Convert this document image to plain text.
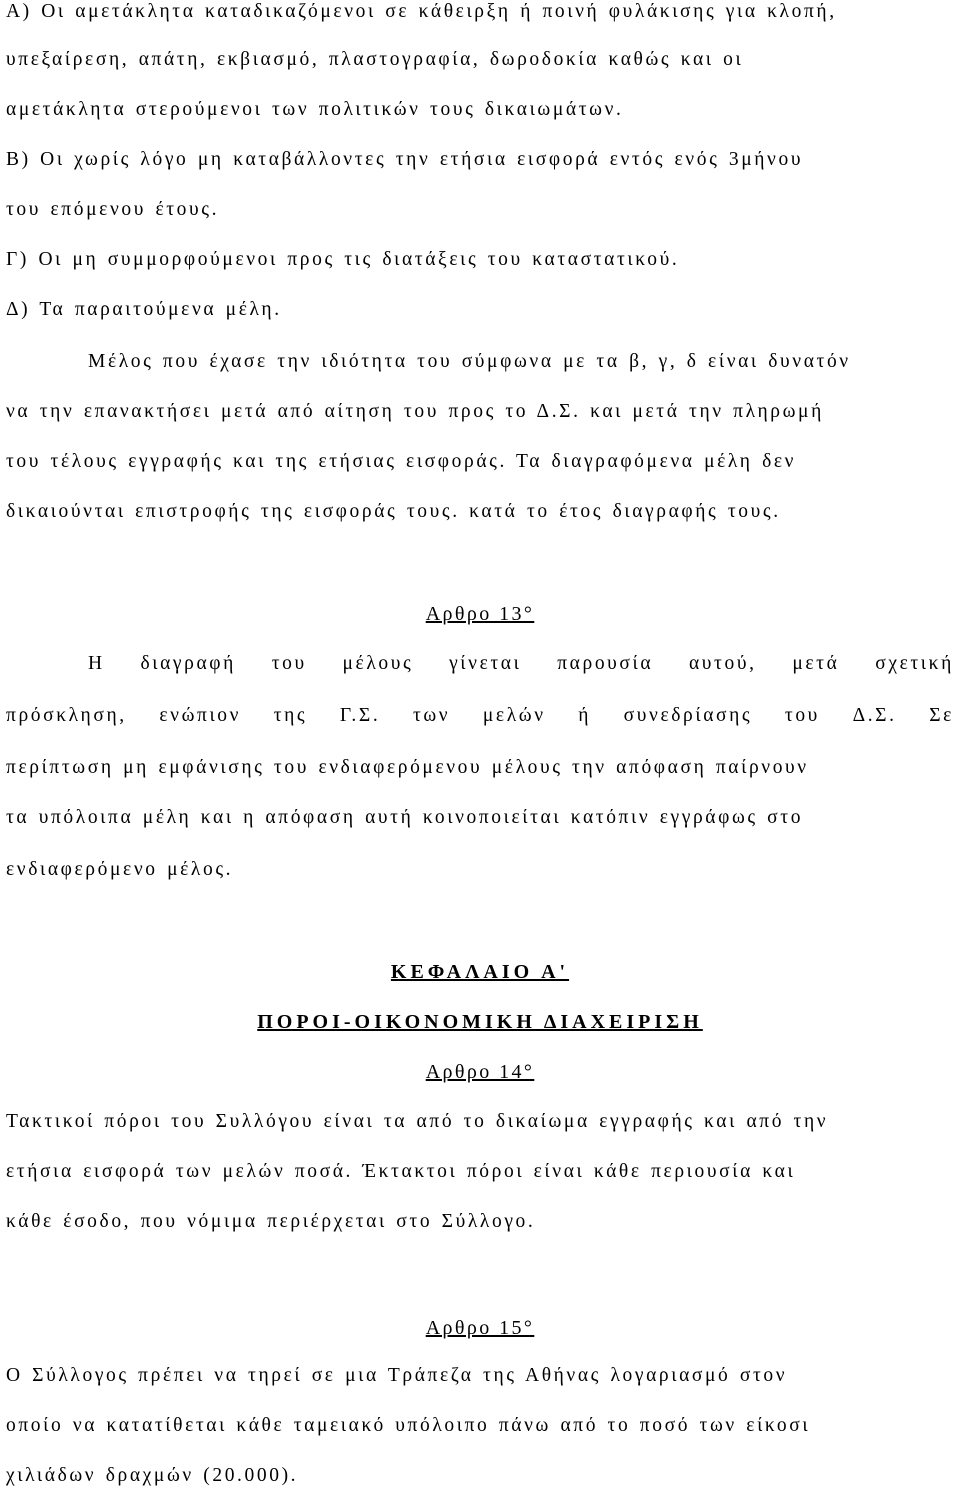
Α) Οι αμετάκλητα καταδικαζόμενοι σε κάθειρξη ή ποινή φυλάκισης για κλοπή,
υπεξαίρεση, απάτη, εκβιασμό, πλαστογραφία, δωροδοκία καθώς και οι
αμετάκλητα στερούμενοι των πολιτικών τους δικαιωμάτων.
Β) Οι χωρίς λόγο μη καταβάλλοντες την ετήσια εισφορά εντός ενός 3μήνου
του επόμενου έτους.
Γ) Οι μη συμμορφούμενοι προς τις διατάξεις του καταστατικού.
Δ) Τα παραιτούμενα μέλη.
Μέλος που έχασε την ιδιότητα του σύμφωνα με τα β, γ, δ είναι δυνατόν
να την επανακτήσει μετά από αίτηση του προς το Δ.Σ. και μετά την πληρωμή
του τέλους εγγραφής και της ετήσιας εισφοράς. Τα διαγραφόμενα μέλη δεν
δικαιούνται επιστροφής της εισφοράς τους. κατά το έτος διαγραφής τους.
Αρθρο 13°
Η διαγραφή του μέλους γίνεται παρουσία αυτού, μετά σχετική
πρόσκληση, ενώπιον της Γ.Σ. των μελών ή συνεδρίασης του Δ.Σ. Σε
περίπτωση μη εμφάνισης του ενδιαφερόμενου μέλους την απόφαση παίρνουν
τα υπόλοιπα μέλη και η απόφαση αυτή κοινοποιείται κατόπιν εγγράφως στο
ενδιαφερόμενο μέλος.
ΚΕΦΑΛΑΙΟ Α'
ΠΟΡΟΙ-ΟΙΚΟΝΟΜΙΚΗ ΔΙΑΧΕΙΡΙΣΗ
Αρθρο 14°
Τακτικοί πόροι του Συλλόγου είναι τα από το δικαίωμα εγγραφής και από την
ετήσια εισφορά των μελών ποσά. Έκτακτοι πόροι είναι κάθε περιουσία και
κάθε έσοδο, που νόμιμα περιέρχεται στο Σύλλογο.
Αρθρο 15°
Ο Σύλλογος πρέπει να τηρεί σε μια Τράπεζα της Αθήνας λογαριασμό στον
οποίο να κατατίθεται κάθε ταμειακό υπόλοιπο πάνω από το ποσό των είκοσι
χιλιάδων δραχμών (20.000).
